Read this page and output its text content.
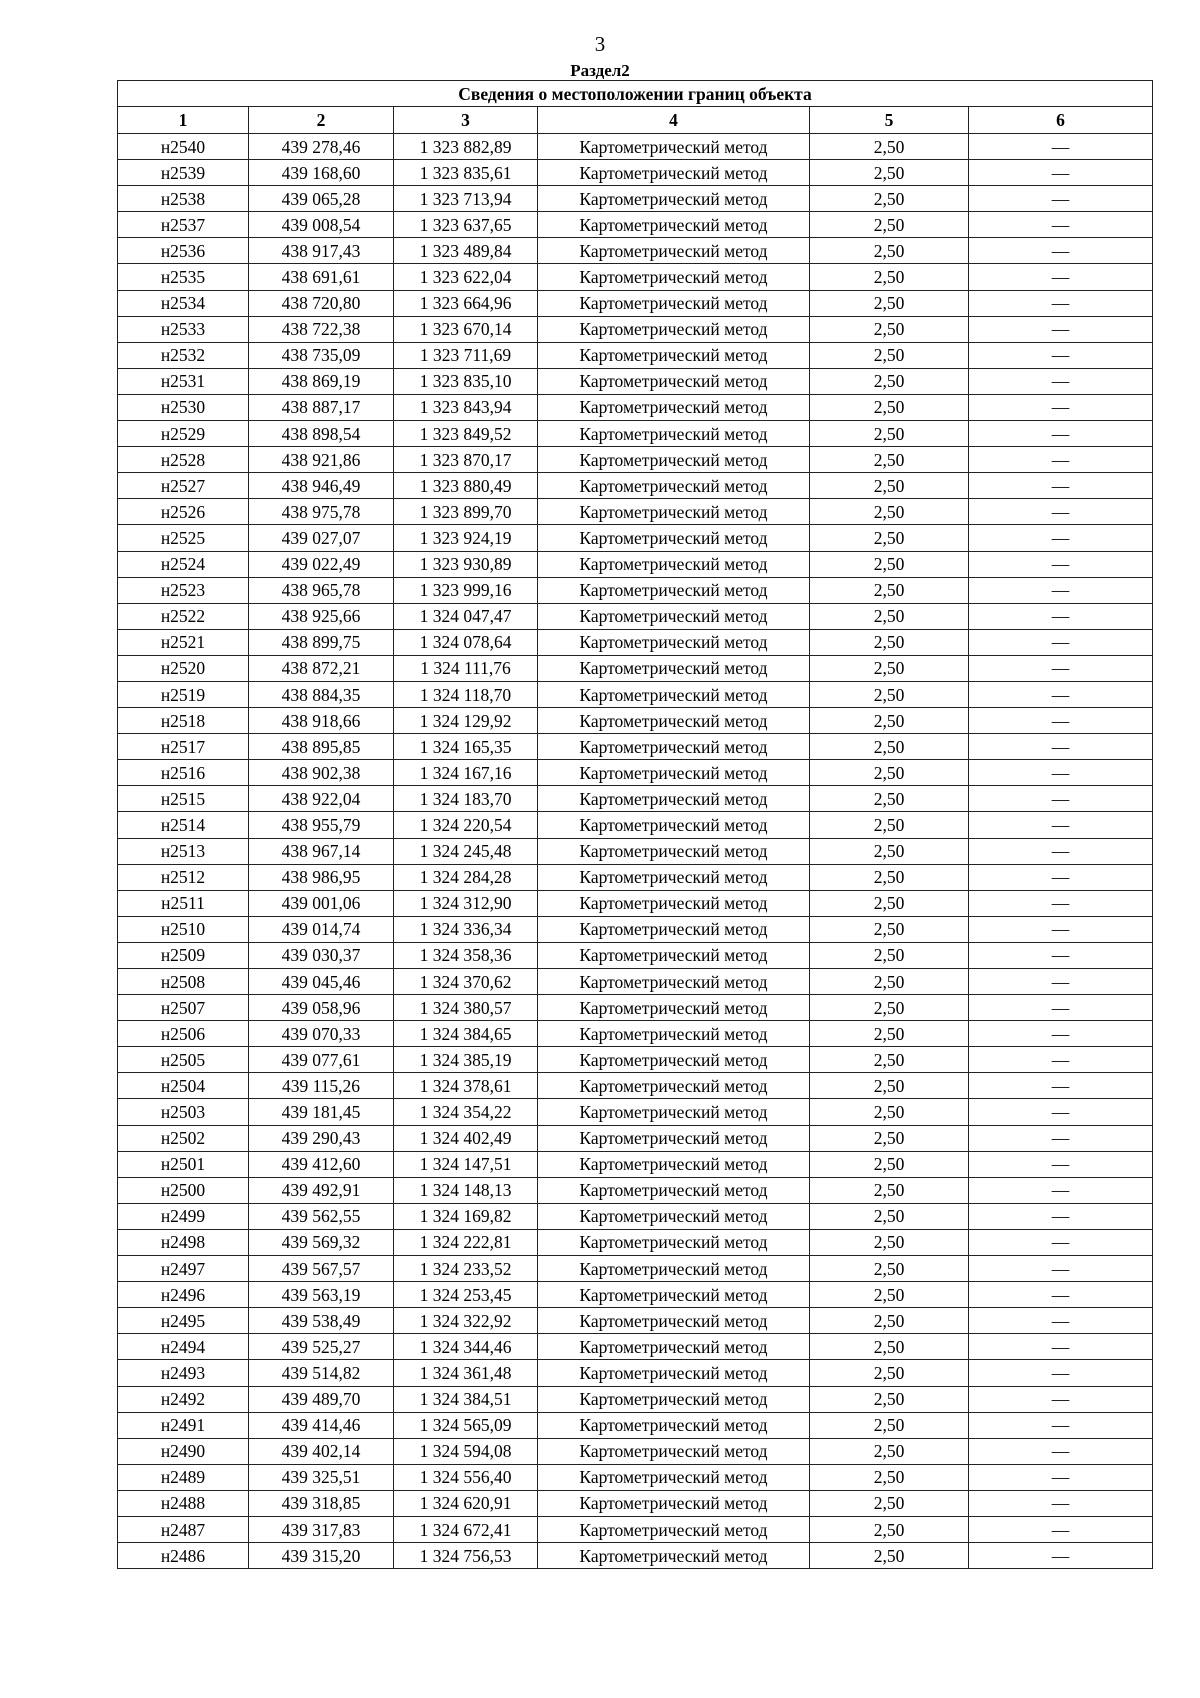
3
Раздел2
Сведения о местоположении границ объекта					
1	2	3	4	5	6
н2540	439 278,46	1 323 882,89	Картометрический метод	2,50	—
н2539	439 168,60	1 323 835,61	Картометрический метод	2,50	—
н2538	439 065,28	1 323 713,94	Картометрический метод	2,50	—
н2537	439 008,54	1 323 637,65	Картометрический метод	2,50	—
н2536	438 917,43	1 323 489,84	Картометрический метод	2,50	—
н2535	438 691,61	1 323 622,04	Картометрический метод	2,50	—
н2534	438 720,80	1 323 664,96	Картометрический метод	2,50	—
н2533	438 722,38	1 323 670,14	Картометрический метод	2,50	—
н2532	438 735,09	1 323 711,69	Картометрический метод	2,50	—
н2531	438 869,19	1 323 835,10	Картометрический метод	2,50	—
н2530	438 887,17	1 323 843,94	Картометрический метод	2,50	—
н2529	438 898,54	1 323 849,52	Картометрический метод	2,50	—
н2528	438 921,86	1 323 870,17	Картометрический метод	2,50	—
н2527	438 946,49	1 323 880,49	Картометрический метод	2,50	—
н2526	438 975,78	1 323 899,70	Картометрический метод	2,50	—
н2525	439 027,07	1 323 924,19	Картометрический метод	2,50	—
н2524	439 022,49	1 323 930,89	Картометрический метод	2,50	—
н2523	438 965,78	1 323 999,16	Картометрический метод	2,50	—
н2522	438 925,66	1 324 047,47	Картометрический метод	2,50	—
н2521	438 899,75	1 324 078,64	Картометрический метод	2,50	—
н2520	438 872,21	1 324 111,76	Картометрический метод	2,50	—
н2519	438 884,35	1 324 118,70	Картометрический метод	2,50	—
н2518	438 918,66	1 324 129,92	Картометрический метод	2,50	—
н2517	438 895,85	1 324 165,35	Картометрический метод	2,50	—
н2516	438 902,38	1 324 167,16	Картометрический метод	2,50	—
н2515	438 922,04	1 324 183,70	Картометрический метод	2,50	—
н2514	438 955,79	1 324 220,54	Картометрический метод	2,50	—
н2513	438 967,14	1 324 245,48	Картометрический метод	2,50	—
н2512	438 986,95	1 324 284,28	Картометрический метод	2,50	—
н2511	439 001,06	1 324 312,90	Картометрический метод	2,50	—
н2510	439 014,74	1 324 336,34	Картометрический метод	2,50	—
н2509	439 030,37	1 324 358,36	Картометрический метод	2,50	—
н2508	439 045,46	1 324 370,62	Картометрический метод	2,50	—
н2507	439 058,96	1 324 380,57	Картометрический метод	2,50	—
н2506	439 070,33	1 324 384,65	Картометрический метод	2,50	—
н2505	439 077,61	1 324 385,19	Картометрический метод	2,50	—
н2504	439 115,26	1 324 378,61	Картометрический метод	2,50	—
н2503	439 181,45	1 324 354,22	Картометрический метод	2,50	—
н2502	439 290,43	1 324 402,49	Картометрический метод	2,50	—
н2501	439 412,60	1 324 147,51	Картометрический метод	2,50	—
н2500	439 492,91	1 324 148,13	Картометрический метод	2,50	—
н2499	439 562,55	1 324 169,82	Картометрический метод	2,50	—
н2498	439 569,32	1 324 222,81	Картометрический метод	2,50	—
н2497	439 567,57	1 324 233,52	Картометрический метод	2,50	—
н2496	439 563,19	1 324 253,45	Картометрический метод	2,50	—
н2495	439 538,49	1 324 322,92	Картометрический метод	2,50	—
н2494	439 525,27	1 324 344,46	Картометрический метод	2,50	—
н2493	439 514,82	1 324 361,48	Картометрический метод	2,50	—
н2492	439 489,70	1 324 384,51	Картометрический метод	2,50	—
н2491	439 414,46	1 324 565,09	Картометрический метод	2,50	—
н2490	439 402,14	1 324 594,08	Картометрический метод	2,50	—
н2489	439 325,51	1 324 556,40	Картометрический метод	2,50	—
н2488	439 318,85	1 324 620,91	Картометрический метод	2,50	—
н2487	439 317,83	1 324 672,41	Картометрический метод	2,50	—
н2486	439 315,20	1 324 756,53	Картометрический метод	2,50	—
